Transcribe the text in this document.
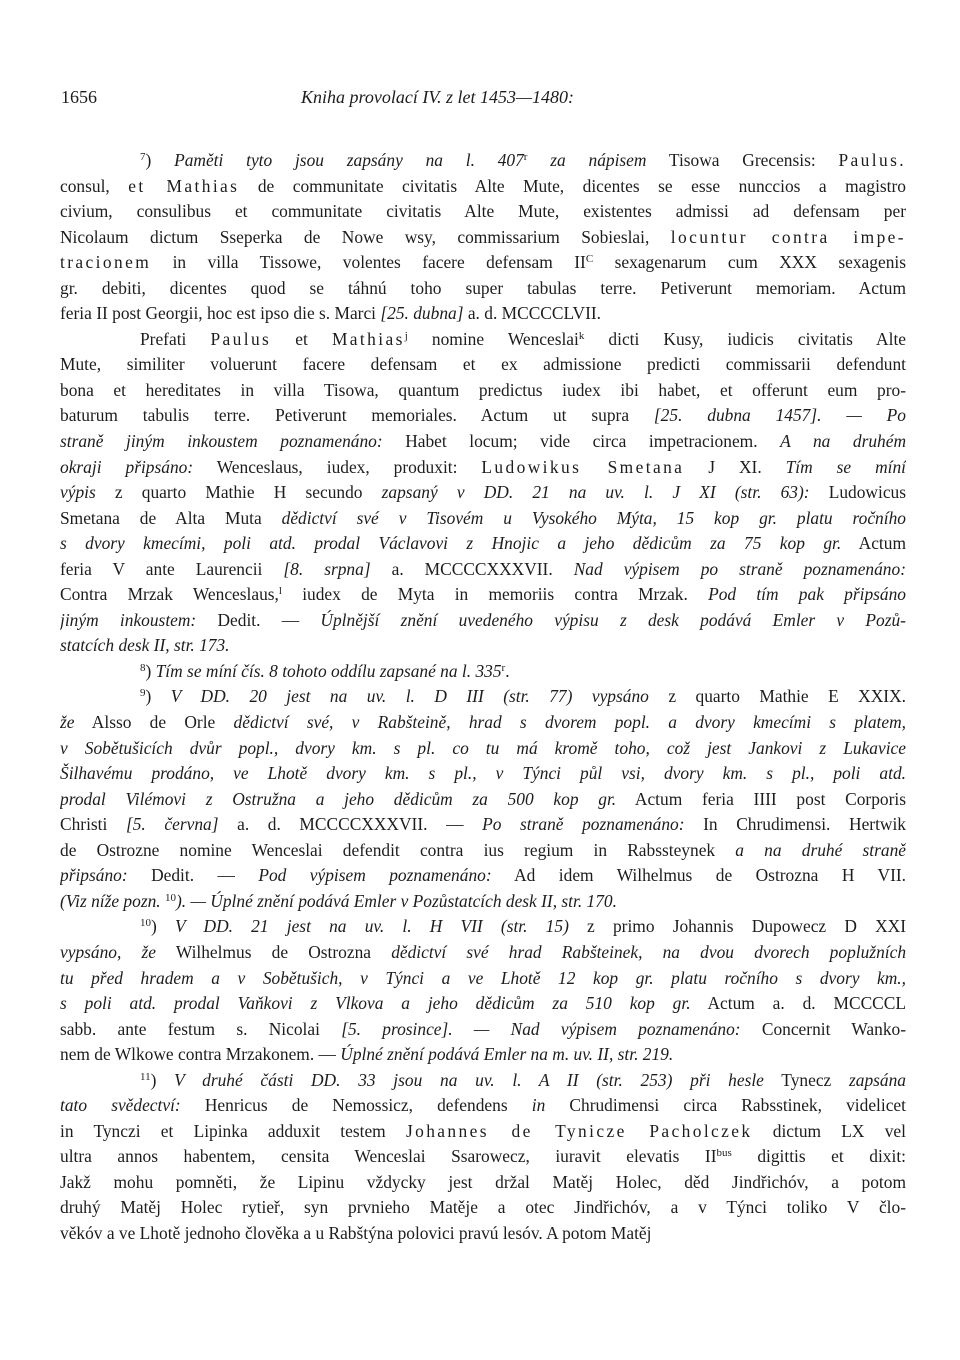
1656	Kniha provolací IV. z let 1453—1480:
$^7$) Paměti tyto jsou zapsány na l. 407$^r$ za nápisem Tisowa Grecensis: Paulus.
consul, et Mathias de communitate civitatis Alte Mute, dicentes se esse nunccios a magistro
civium, consulibus et communitate civitatis Alte Mute, existentes admissi ad defensam per
Nicolaum dictum Sseperka de Nowe wsy, commissarium Sobieslai, locuntur contra impe-
tracionem in villa Tissowe, volentes facere defensam $II^C$ sexagenarum cum XXX sexagenis
gr. debiti, dicentes quod se táhnú toho super tabulas terre. Petiverunt memoriam. Actum
feria II post Georgii, hoc est ipso die s. Marci [25. dubna] a. d. MCCCCLVII.
Prefati Paulus et Mathias$^j$ nomine Wenceslai$^k$ dicti Kusy, iudicis civitatis Alte
Mute, similiter voluerunt facere defensam et ex admissione predicti commissarii defendunt
bona et hereditates in villa Tisowa, quantum predictus iudex ibi habet, et offerunt eum pro-
baturum tabulis terre. Petiverunt memoriales. Actum ut supra [25. dubna 1457]. — Po
straně jiným inkoustem poznamenáno: Habet locum; vide circa impetracionem. A na druhém
okraji připsáno: Wenceslaus, iudex, produxit: Ludowikus Smetana J XI. Tím se míní
výpis z quarto Mathie H secundo zapsaný v DD. 21 na uv. l. J XI (str. 63): Ludowicus
Smetana de Alta Muta dědictví své v Tisovém u Vysokého Mýta, 15 kop gr. platu ročního
s dvory kmecími, poli atd. prodal Václavovi z Hnojic a jeho dědicům za 75 kop gr. Actum
feria V ante Laurencii [8. srpna] a. MCCCCXXXVII. Nad výpisem po straně poznamenáno:
Contra Mrzak Wenceslaus,$^l$ iudex de Myta in memoriis contra Mrzak. Pod tím pak připsáno
jiným inkoustem: Dedit. — Úplnější znění uvedeného výpisu z desk podává Emler v Pozů-
statcích desk II, str. 173.
$^8$) Tím se míní čís. 8 tohoto oddílu zapsané na l. 335$^r$.
$^9$) V DD. 20 jest na uv. l. D III (str. 77) vypsáno z quarto Mathie E XXIX.
že Alsso de Orle dědictví své, v Rabšteině, hrad s dvorem popl. a dvory kmecími s platem,
v Sobětušicích dvůr popl., dvory km. s pl. co tu má kromě toho, což jest Jankovi z Lukavice
Šilhavému prodáno, ve Lhotě dvory km. s pl., v Týnci půl vsi, dvory km. s pl., poli atd.
prodal Vilémovi z Ostružna a jeho dědicům za 500 kop gr. Actum feria IIII post Corporis
Christi [5. června] a. d. MCCCCXXXVII. — Po straně poznamenáno: In Chrudimensi. Hertwik
de Ostrozne nomine Wenceslai defendit contra ius regium in Rabssteynek a na druhé straně
připsáno: Dedit. — Pod výpisem poznamenáno: Ad idem Wilhelmus de Ostrozna H VII.
(Viz níže pozn. $^{10}$). — Úplné znění podává Emler v Pozůstatcích desk II, str. 170.
$^{10}$) V DD. 21 jest na uv. l. H VII (str. 15) z primo Johannis Dupowecz D XXI
vypsáno, že Wilhelmus de Ostrozna dědictví své hrad Rabšteinek, na dvou dvorech poplužních
tu před hradem a v Sobětušich, v Týnci a ve Lhotě 12 kop gr. platu ročního s dvory km.,
s poli atd. prodal Vaňkovi z Vlkova a jeho dědicům za 510 kop gr. Actum a. d. MCCCCL
sabb. ante festum s. Nicolai [5. prosince]. — Nad výpisem poznamenáno: Concernit Wanko-
nem de Wlkowe contra Mrzakonem. — Úplné znění podává Emler na m. uv. II, str. 219.
$^{11}$) V druhé části DD. 33 jsou na uv. l. A II (str. 253) při hesle Tynecz zapsána
tato svědectví: Henricus de Nemossicz, defendens in Chrudimensi circa Rabsstinek, videlicet
in Tynczi et Lipinka adduxit testem Johannes de Tynicze Pacholczek dictum LX vel
ultra annos habentem, censita Wenceslai Ssarowecz, iuravit elevatis $II^{bus}$ digittis et dixit:
Jakž mohu pomněti, že Lipinu vždycky jest držal Matěj Holec, děd Jindřichóv, a potom
druhý Matěj Holec rytieř, syn prvnieho Matěje a otec Jindřichóv, a v Týnci toliko V člo-
věkóv a ve Lhotě jednoho člověka a u Rabštýna polovici pravú lesóv. A potom Matěj
